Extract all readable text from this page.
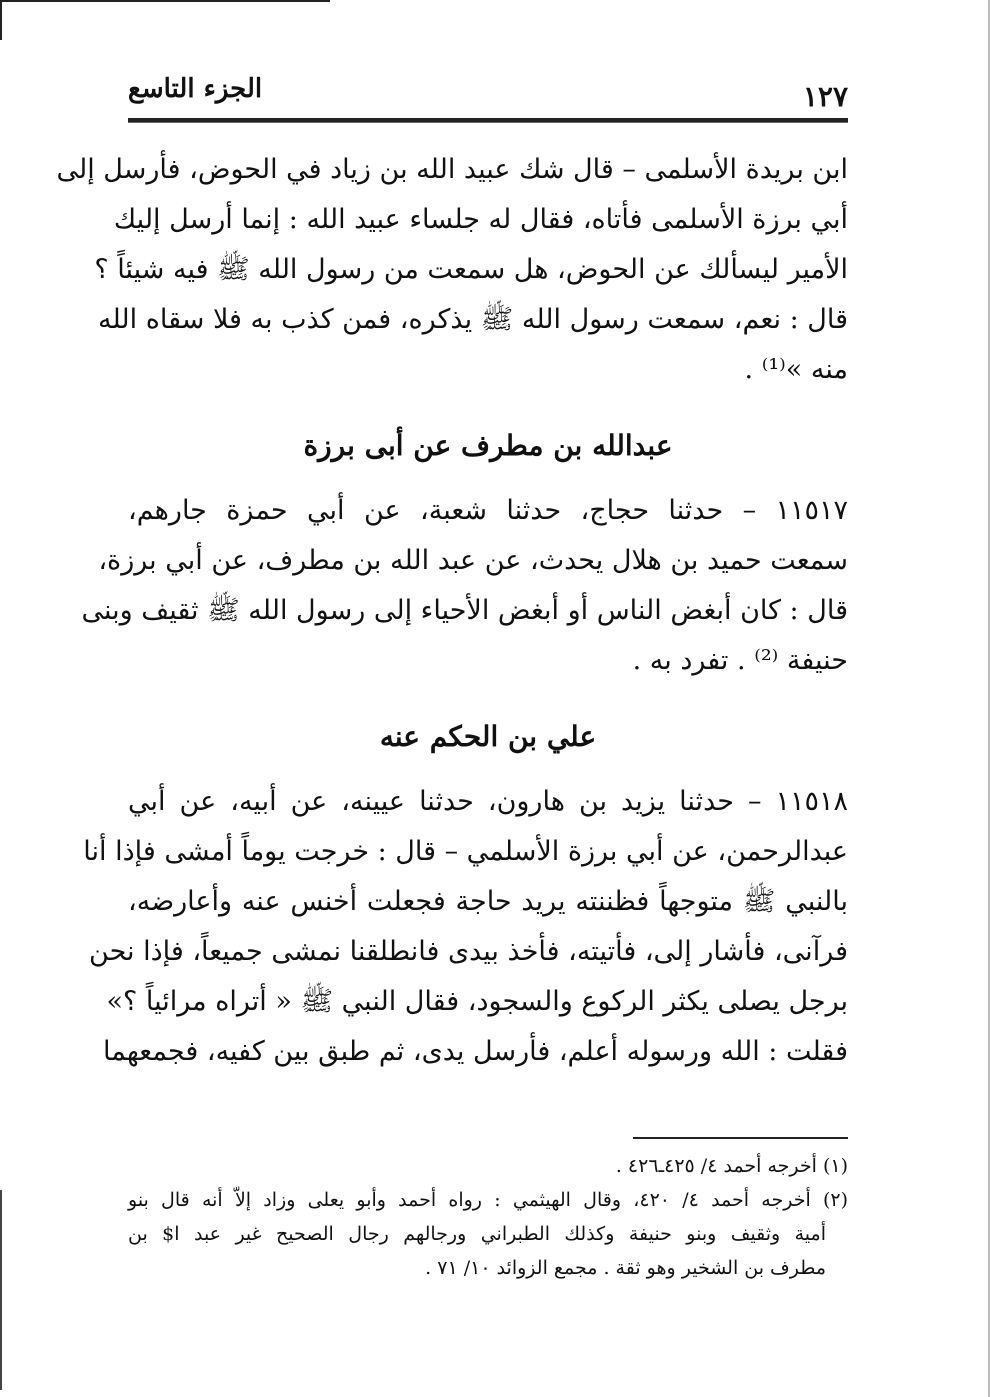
١٢٧
الجزء التاسع
ابن بريدة الأسلمى – قال شك عبيد الله بن زياد في الحوض، فأرسل إلى
أبي برزة الأسلمى فأتاه، فقال له جلساء عبيد الله : إنما أرسل إليك
الأمير ليسألك عن الحوض، هل سمعت من رسول الله ﷺ فيه شيئاً ؟
قال : نعم، سمعت رسول الله ﷺ يذكره، فمن كذب به فلا سقاه الله
منه »⁽¹⁾ .
عبدالله بن مطرف عن أبى برزة
١١٥١٧ – حدثنا حجاج، حدثنا شعبة، عن أبي حمزة جارهم،
سمعت حميد بن هلال يحدث، عن عبد الله بن مطرف، عن أبي برزة،
قال : كان أبغض الناس أو أبغض الأحياء إلى رسول الله ﷺ ثقيف وبنى
حنيفة ⁽²⁾ . تفرد به .
علي بن الحكم عنه
١١٥١٨ – حدثنا يزيد بن هارون، حدثنا عيينه، عن أبيه، عن أبي
عبدالرحمن، عن أبي برزة الأسلمي – قال : خرجت يوماً أمشى فإذا أنا
بالنبي ﷺ متوجهاً فظننته يريد حاجة فجعلت أخنس عنه وأعارضه،
فرآنى، فأشار إلى، فأتيته، فأخذ بيدى فانطلقنا نمشى جميعاً، فإذا نحن
برجل يصلى يكثر الركوع والسجود، فقال النبي ﷺ « أتراه مرائياً ؟»
فقلت : الله ورسوله أعلم، فأرسل يدى، ثم طبق بين كفيه، فجمعهما
(١) أخرجه أحمد ٤/ ٤٢٥ـ٤٢٦ .
(٢) أخرجه أحمد ٤/ ٤٢٠، وقال الهيثمي : رواه أحمد وأبو يعلى وزاد إلاّ أنه قال بنو
أمية وثقيف وبنو حنيفة وكذلك الطبراني ورجالهم رجال الصحيح غير عبد ا$ بن
مطرف بن الشخير وهو ثقة . مجمع الزوائد ١٠/ ٧١ .
